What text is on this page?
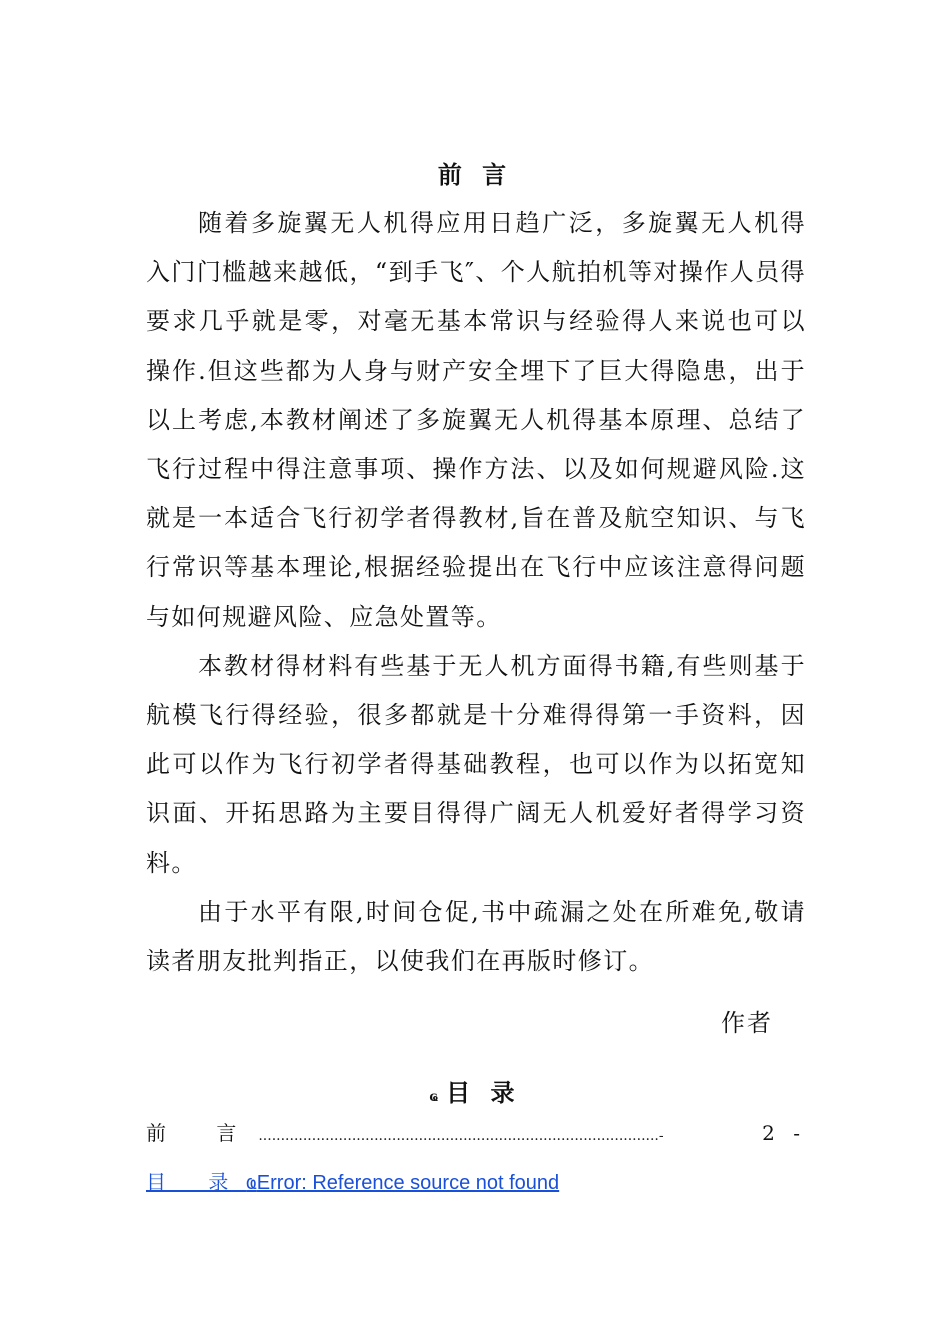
前 言

随着多旋翼无人机得应用日趋广泛，多旋翼无人机得入门门槛越来越低，“到手飞″、个人航拍机等对操作人员得要求几乎就是零，对毫无基本常识与经验得人来说也可以操作.但这些都为人身与财产安全埋下了巨大得隐患，出于以上考虑,本教材阐述了多旋翼无人机得基本原理、总结了飞行过程中得注意事项、操作方法、以及如何规避风险.这就是一本适合飞行初学者得教材,旨在普及航空知识、与飞行常识等基本理论,根据经验提出在飞行中应该注意得问题与如何规避风险、应急处置等。

本教材得材料有些基于无人机方面得书籍,有些则基于航模飞行得经验，很多都就是十分难得得第一手资料，因此可以作为飞行初学者得基础教程，也可以作为以拓宽知识面、开拓思路为主要目得得广阔无人机爱好者得学习资料。

由于水平有限,时间仓促,书中疏漏之处在所难免,敬请读者朋友批判指正，以使我们在再版时修订。

作者
ҩ目 录
前 言 ..........................................................................................-	2 -
目 录ҩError: Reference source not found
